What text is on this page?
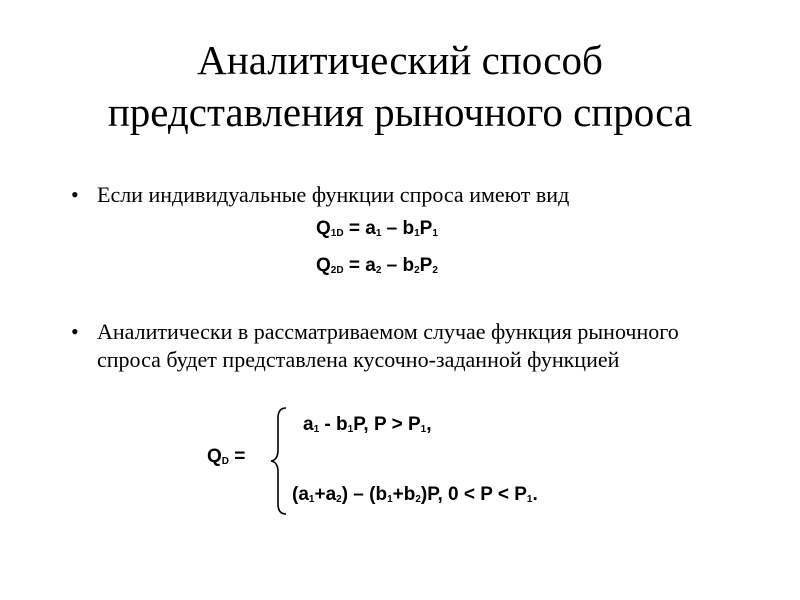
Аналитический способ
представления рыночного спроса
• Если индивидуальные функции спроса имеют вид
$Q_{1D} = a_1 - b_1P_1$
$Q_{2D} = a_2 - b_2P_2$
• Аналитически в рассматриваемом случае функция рыночного спроса будет представлена кусочно-заданной функцией
$Q_D$ =
$a_1 - b_1P$, $P > P_1$,
$(a_1+a_2) - (b_1+b_2)P$, $0 < P < P_1$.
